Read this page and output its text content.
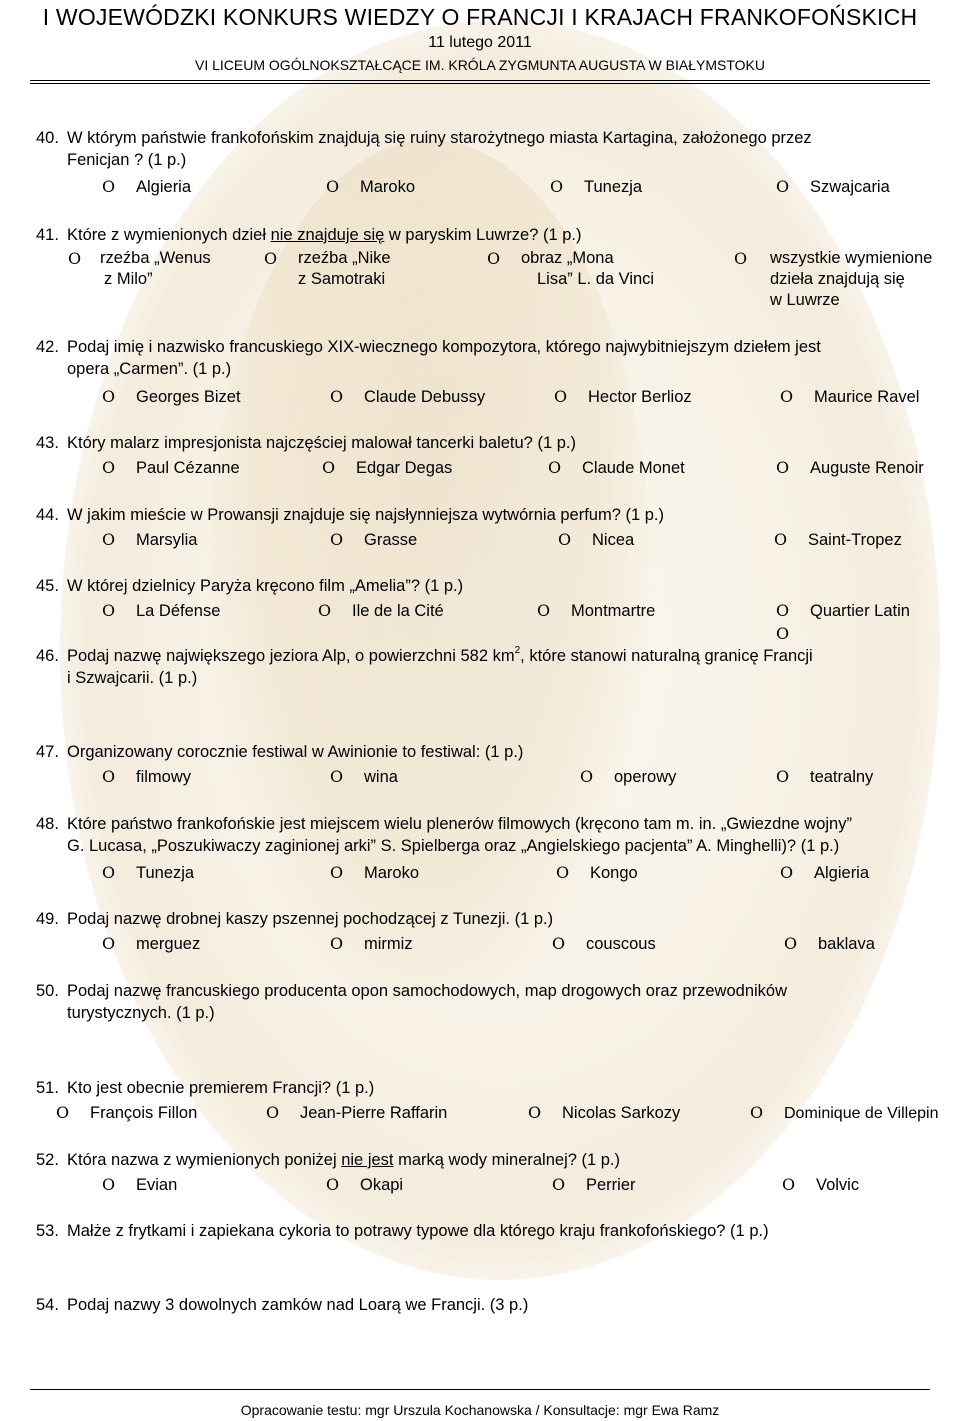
I WOJEWÓDZKI KONKURS WIEDZY O FRANCJI I KRAJACH FRANKOFOŃSKICH
11 lutego 2011
VI LICEUM OGÓLNOKSZTAŁCĄCE IM. KRÓLA ZYGMUNTA AUGUSTA W BIAŁYMSTOKU
40. W którym państwie frankofońskim znajdują się ruiny starożytnego miasta Kartagina, założonego przez
Fenicjan ? (1 p.)
O Algieria	O Maroko	O Tunezja	O Szwajcaria
41. Które z wymienionych dzieł nie znajduje się w paryskim Luwrze? (1 p.)
O rzeźba „Wenus
z Milo”
O rzeźba „Nike
z Samotraki
O obraz „Mona
Lisa” L. da Vinci
O wszystkie wymienione
dzieła znajdują się
w Luwrze
42. Podaj imię i nazwisko francuskiego XIX-wiecznego kompozytora, którego najwybitniejszym dziełem jest
opera „Carmen”. (1 p.)
O Georges Bizet	O Claude Debussy	O Hector Berlioz	O Maurice Ravel
43. Który malarz impresjonista najczęściej malował tancerki baletu? (1 p.)
O Paul Cézanne	O Edgar Degas	O Claude Monet	O Auguste Renoir
44. W jakim mieście w Prowansji znajduje się najsłynniejsza wytwórnia perfum? (1 p.)
O Marsylia	O Grasse	O Nicea	O Saint-Tropez
45. W której dzielnicy Paryża kręcono film „Amelia”? (1 p.)
O La Défense	O Ile de la Cité	O Montmartre	O Quartier Latin
O
46. Podaj nazwę największego jeziora Alp, o powierzchni 582 $km^2$, które stanowi naturalną granicę Francji
i Szwajcarii. (1 p.)
47. Organizowany corocznie festiwal w Awinionie to festiwal: (1 p.)
O filmowy	O wina	O operowy	O teatralny
48. Które państwo frankofońskie jest miejscem wielu plenerów filmowych (kręcono tam m. in. „Gwiezdne wojny”
G. Lucasa, „Poszukiwaczy zaginionej arki” S. Spielberga oraz „Angielskiego pacjenta” A. Minghelli)? (1 p.)
O Tunezja	O Maroko	O Kongo	O Algieria
49. Podaj nazwę drobnej kaszy pszennej pochodzącej z Tunezji. (1 p.)
O merguez	O mirmiz	O couscous	O baklava
50. Podaj nazwę francuskiego producenta opon samochodowych, map drogowych oraz przewodników
turystycznych. (1 p.)
51. Kto jest obecnie premierem Francji? (1 p.)
O François Fillon	O Jean-Pierre Raffarin	O Nicolas Sarkozy	O Dominique de Villepin
52. Która nazwa z wymienionych poniżej nie jest marką wody mineralnej? (1 p.)
O Evian	O Okapi	O Perrier	O Volvic
53. Małże z frytkami i zapiekana cykoria to potrawy typowe dla którego kraju frankofońskiego? (1 p.)
54. Podaj nazwy 3 dowolnych zamków nad Loarą we Francji. (3 p.)
Opracowanie testu: mgr Urszula Kochanowska / Konsultacje: mgr Ewa Ramz
